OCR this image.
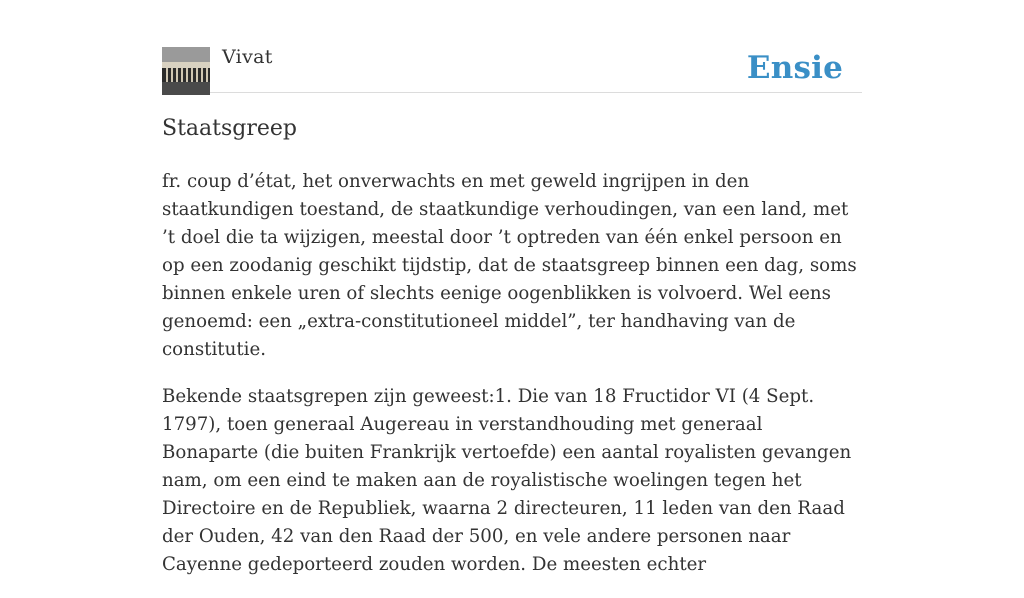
Vivat	Ensie
Staatsgreep

fr. coup d’état, het onverwachts en met geweld ingrijpen in den staatkundigen toestand, de staatkundige verhoudingen, van een land, met ’t doel die ta wijzigen, meestal door ’t optreden van één enkel persoon en op een zoodanig geschikt tijdstip, dat de staatsgreep binnen een dag, soms binnen enkele uren of slechts eenige oogenblikken is volvoerd. Wel eens genoemd: een „extra-constitutioneel middel”, ter handhaving van de constitutie.

Bekende staatsgrepen zijn geweest:1. Die van 18 Fructidor VI (4 Sept. 1797), toen generaal Augereau in verstandhouding met generaal Bonaparte (die buiten Frankrijk vertoefde) een aantal royalisten gevangen nam, om een eind te maken aan de royalistische woelingen tegen het Directoire en de Republiek, waarna 2 directeuren, 11 leden van den Raad der Ouden, 42 van den Raad der 500, en vele andere personen naar Cayenne gedeporteerd zouden worden. De meesten echter
